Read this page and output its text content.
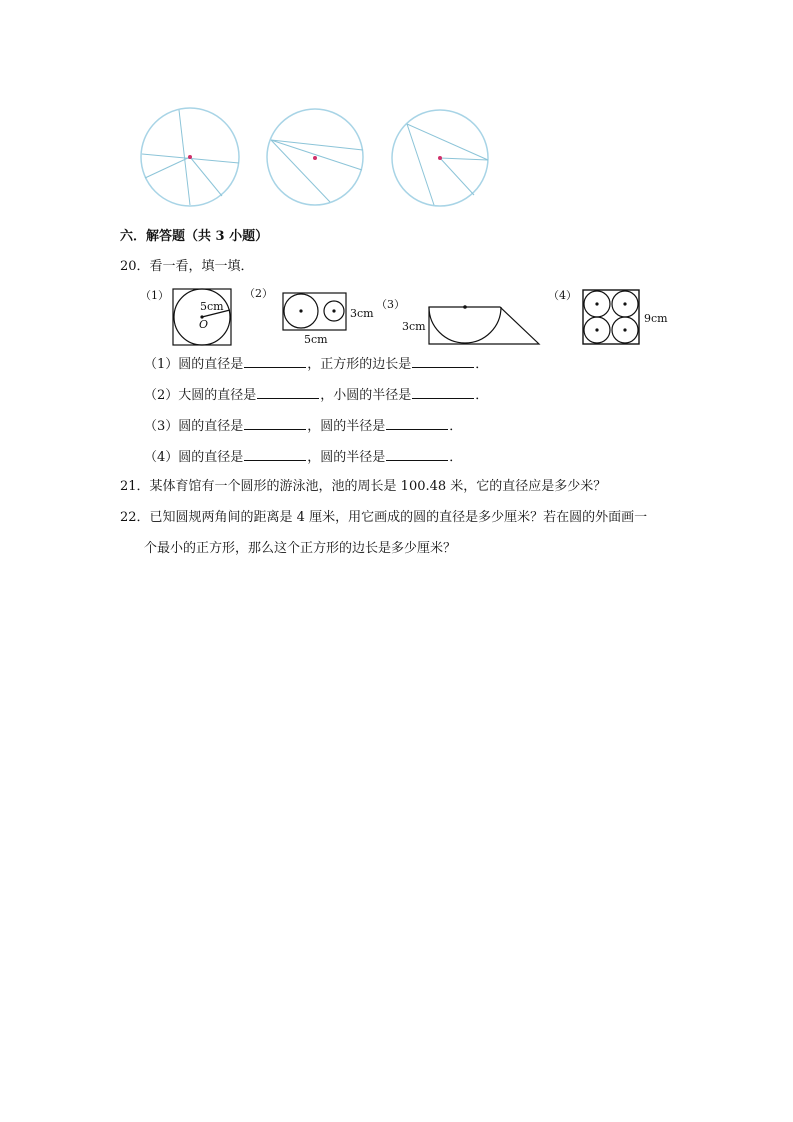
六．解答题（共 3 小题）
20．看一看，填一填．
（1）	（2）
（3）
（4）
5cm
O
3cm
5cm
3cm
9cm
（1）圆的直径是	，正方形的边长是	．
（2）大圆的直径是	，小圆的半径是	．
（3）圆的直径是	，圆的半径是	．
（4）圆的直径是	，圆的半径是	．
21．某体育馆有一个圆形的游泳池，池的周长是 100.48 米，它的直径应是多少米？
22．已知圆规两角间的距离是 4 厘米，用它画成的圆的直径是多少厘米？若在圆的外面画一
个最小的正方形，那么这个正方形的边长是多少厘米？
